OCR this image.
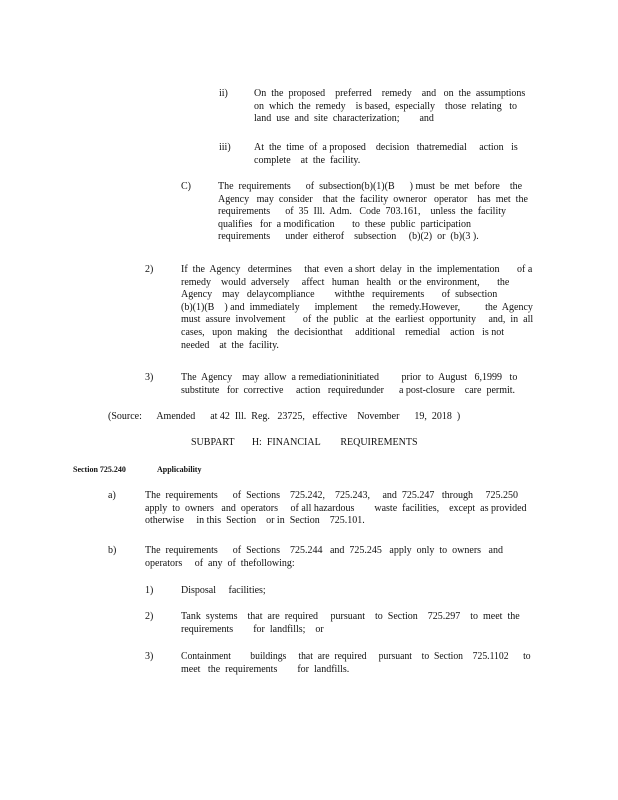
ii)	On  the  proposed    preferred    remedy    and   on  the  assumptions
on  which  the  remedy    is based,  especially    those  relating   to
land  use  and  site  characterization;        and
iii) At  the  time  of  a proposed    decision   thatremedial     action   is
complete    at  the  facility.
C)	The  requirements      of  subsection(b)(1)(B      ) must  be  met  before    the
Agency   may  consider    that  the  facility  owneror   operator    has  met  the
requirements      of  35  Ill.  Adm.   Code  703.161,    unless  the  facility
qualifies   for  a modification       to  these  public  participation
requirements      under  eitherof    subsection     (b)(2)  or  (b)(3 ).
2)	If  the  Agency   determines     that  even  a short  delay  in  the  implementation       of a
remedy    would  adversely     affect   human   health   or the  environment,       the
Agency    may   delaycompliance        withthe   requirements       of  subsection
(b)(1)(B    ) and  immediately      implement      the  remedy.However,          the  Agency
must  assure  involvement       of  the  public   at  the  earliest  opportunity     and,  in  all
cases,   upon  making    the  decisionthat     additional    remedial    action   is not
needed    at  the  facility.
3)	The  Agency    may  allow  a remediationinitiated         prior  to  August   6,1999   to
substitute   for  corrective     action   requiredunder      a post-closure    care  permit.
(Source:      Amended      at 42  Ill.  Reg.   23725,   effective    November      19,  2018  )
SUBPART       H:  FINANCIAL        REQUIREMENTS
Section 725.240	Applicability
a)	The  requirements      of  Sections    725.242,    725.243,     and  725.247   through     725.250
apply  to  owners   and  operators     of all hazardous        waste  facilities,    except  as provided
otherwise     in this  Section    or in  Section    725.101.
b)	The  requirements      of  Sections    725.244   and  725.245   apply  only  to  owners   and
operators     of  any  of  thefollowing:
1)	Disposal     facilities;
2)	Tank  systems    that  are  required     pursuant    to  Section    725.297    to  meet  the
requirements        for  landfills;    or
3)	Containment        buildings     that  are  required     pursuant    to  Section    725.1102      to
meet   the  requirements        for  landfills.
